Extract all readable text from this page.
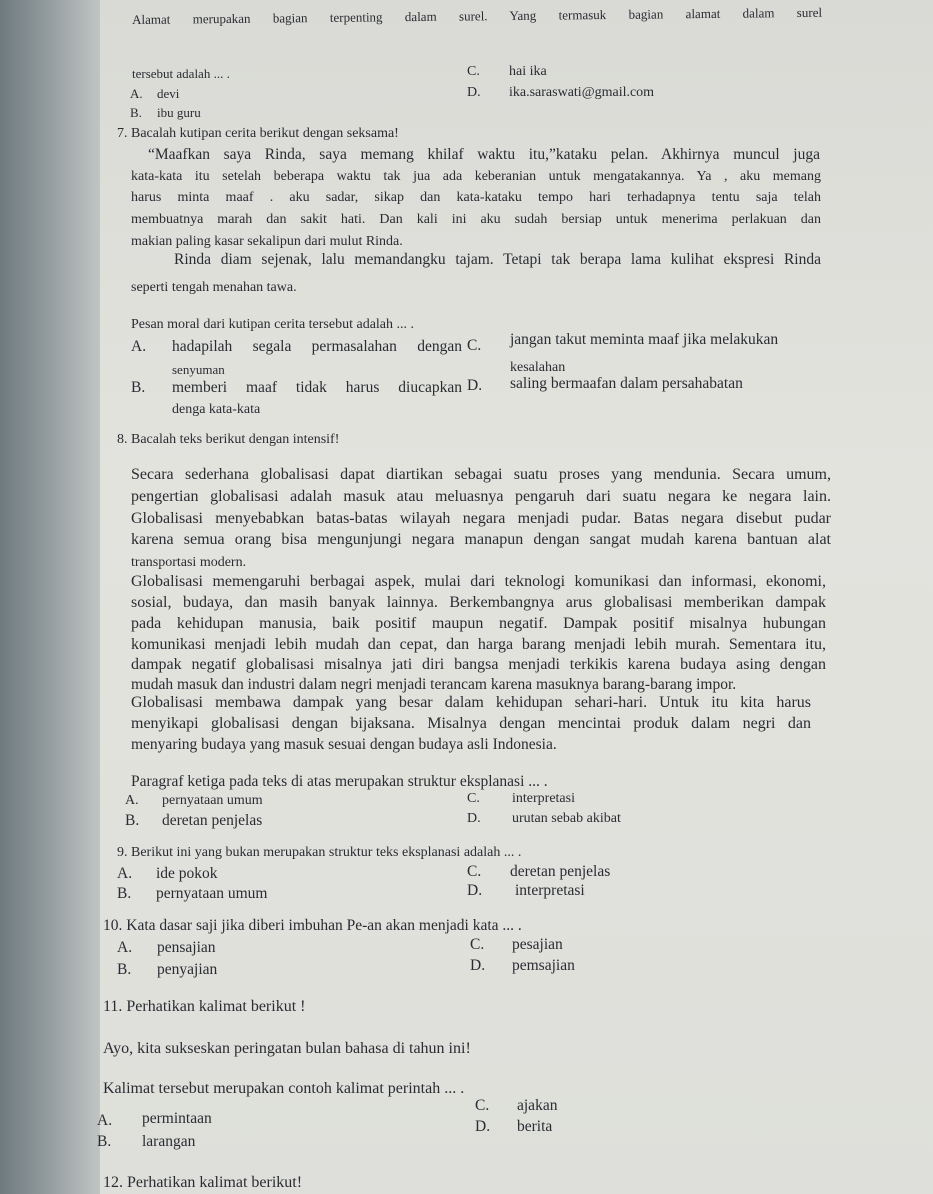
Alamat merupakan bagian terpenting dalam surel. Yang termasuk bagian alamat dalam surel
tersebut adalah ... .
A. devi
B. ibu guru
C. hai ika
D. ika.saraswati@gmail.com
7. Bacalah kutipan cerita berikut dengan seksama!
“Maafkan saya Rinda, saya memang khilaf waktu itu,”kataku pelan. Akhirnya muncul juga
kata-kata itu setelah beberapa waktu tak jua ada keberanian untuk mengatakannya. Ya , aku memang
harus minta maaf . aku sadar, sikap dan kata-kataku tempo hari terhadapnya tentu saja telah
membuatnya marah dan sakit hati. Dan kali ini aku sudah bersiap untuk menerima perlakuan dan
makian paling kasar sekalipun dari mulut Rinda.
Rinda diam sejenak, lalu memandangku tajam. Tetapi tak berapa lama kulihat ekspresi Rinda
seperti tengah menahan tawa.
Pesan moral dari kutipan cerita tersebut adalah ... .
A. hadapilah segala permasalahan dengan
senyuman
B. memberi maaf tidak harus diucapkan
denga kata-kata
C. jangan takut meminta maaf jika melakukan
kesalahan
D. saling bermaafan dalam persahabatan
8. Bacalah teks berikut dengan intensif!
Secara sederhana globalisasi dapat diartikan sebagai suatu proses yang mendunia. Secara umum,
pengertian globalisasi adalah masuk atau meluasnya pengaruh dari suatu negara ke negara lain.
Globalisasi menyebabkan batas-batas wilayah negara menjadi pudar. Batas negara disebut pudar
karena semua orang bisa mengunjungi negara manapun dengan sangat mudah karena bantuan alat
transportasi modern.
Globalisasi memengaruhi berbagai aspek, mulai dari teknologi komunikasi dan informasi, ekonomi,
sosial, budaya, dan masih banyak lainnya. Berkembangnya arus globalisasi memberikan dampak
pada kehidupan manusia, baik positif maupun negatif. Dampak positif misalnya hubungan
komunikasi menjadi lebih mudah dan cepat, dan harga barang menjadi lebih murah. Sementara itu,
dampak negatif globalisasi misalnya jati diri bangsa menjadi terkikis karena budaya asing dengan
mudah masuk dan industri dalam negri menjadi terancam karena masuknya barang-barang impor.
Globalisasi membawa dampak yang besar dalam kehidupan sehari-hari. Untuk itu kita harus
menyikapi globalisasi dengan bijaksana. Misalnya dengan mencintai produk dalam negri dan
menyaring budaya yang masuk sesuai dengan budaya asli Indonesia.
Paragraf ketiga pada teks di atas merupakan struktur eksplanasi ... .
A. pernyataan umum
B. deretan penjelas
C. interpretasi
D. urutan sebab akibat
9. Berikut ini yang bukan merupakan struktur teks eksplanasi adalah ... .
A. ide pokok
B. pernyataan umum
C. deretan penjelas
D. interpretasi
10. Kata dasar saji jika diberi imbuhan Pe-an akan menjadi kata ... .
A. pensajian
B. penyajian
C. pesajian
D. pemsajian
11. Perhatikan kalimat berikut !
Ayo, kita sukseskan peringatan bulan bahasa di tahun ini!
Kalimat tersebut merupakan contoh kalimat perintah ... .
A. permintaan
B. larangan
C. ajakan
D. berita
12. Perhatikan kalimat berikut!
